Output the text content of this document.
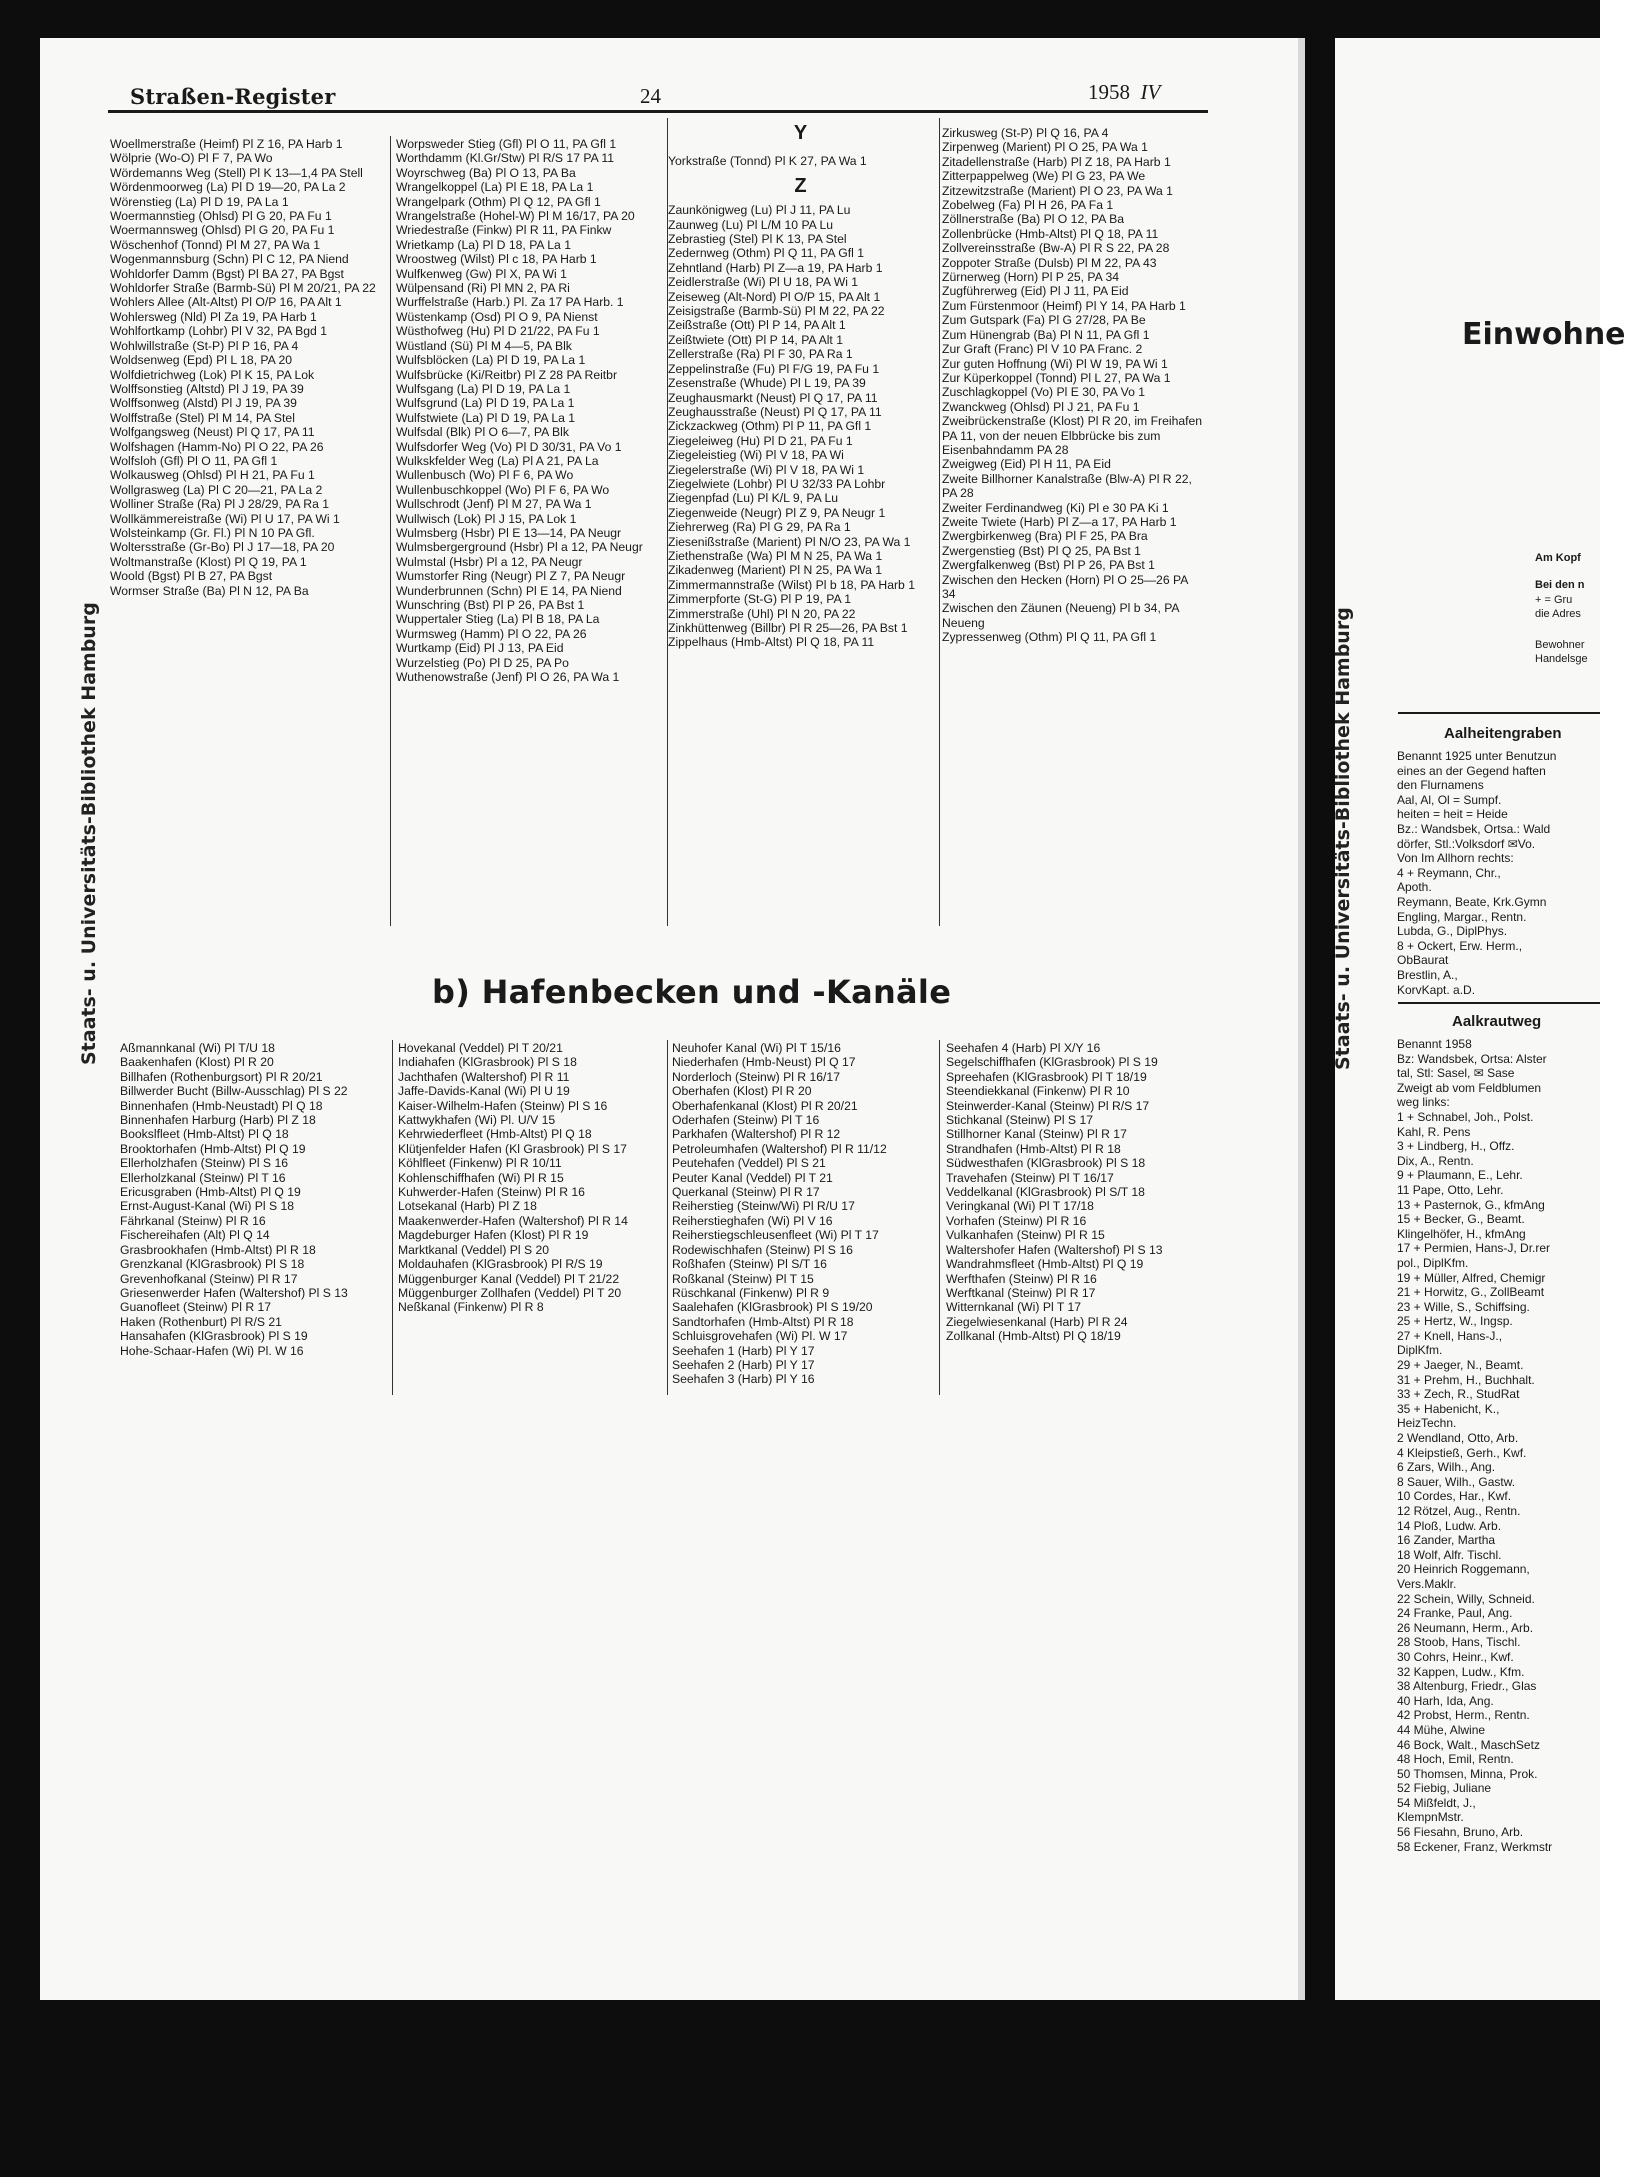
Straßen-Register	24	1958 IV
Woellmerstraße (Heimf) Pl Z 16, PA Harb 1
Wölprie (Wo-O) Pl F 7, PA Wo
Wördemanns Weg (Stell) Pl K 13—1,4 PA Stell
Wördenmoorweg (La) Pl D 19—20, PA La 2
Wörenstieg (La) Pl D 19, PA La 1
Woermannstieg (Ohlsd) Pl G 20, PA Fu 1
Woermannsweg (Ohlsd) Pl G 20, PA Fu 1
Wöschenhof (Tonnd) Pl M 27, PA Wa 1
Wogenmannsburg (Schn) Pl C 12, PA Niend
Wohldorfer Damm (Bgst) Pl BA 27, PA Bgst
Wohldorfer Straße (Barmb-Sü) Pl M 20/21, PA 22
Wohlers Allee (Alt-Altst) Pl O/P 16, PA Alt 1
Wohlersweg (Nld) Pl Za 19, PA Harb 1
Wohlfortkamp (Lohbr) Pl V 32, PA Bgd 1
Wohlwillstraße (St-P) Pl P 16, PA 4
Woldsenweg (Epd) Pl L 18, PA 20
Wolfdietrichweg (Lok) Pl K 15, PA Lok
Wolffsonstieg (Altstd) Pl J 19, PA 39
Wolffsonweg (Alstd) Pl J 19, PA 39
Wolffstraße (Stel) Pl M 14, PA Stel
Wolfgangsweg (Neust) Pl Q 17, PA 11
Wolfshagen (Hamm-No) Pl O 22, PA 26
Wolfsloh (Gfl) Pl O 11, PA Gfl 1
Wolkausweg (Ohlsd) Pl H 21, PA Fu 1
Wollgrasweg (La) Pl C 20—21, PA La 2
Wolliner Straße (Ra) Pl J 28/29, PA Ra 1
Wollkämmereistraße (Wi) Pl U 17, PA Wi 1
Wolsteinkamp (Gr. Fl.) Pl N 10 PA Gfl.
Woltersstraße (Gr-Bo) Pl J 17—18, PA 20
Woltmanstraße (Klost) Pl Q 19, PA 1
Woold (Bgst) Pl B 27, PA Bgst
Wormser Straße (Ba) Pl N 12, PA Ba
Worpsweder Stieg (Gfl) Pl O 11, PA Gfl 1
Worthdamm (Kl.Gr/Stw) Pl R/S 17 PA 11
Woyrschweg (Ba) Pl O 13, PA Ba
Wrangelkoppel (La) Pl E 18, PA La 1
Wrangelpark (Othm) Pl Q 12, PA Gfl 1
Wrangelstraße (Hohel-W) Pl M 16/17, PA 20
Wriedestraße (Finkw) Pl R 11, PA Finkw
Wrietkamp (La) Pl D 18, PA La 1
Wroostweg (Wilst) Pl c 18, PA Harb 1
Wulfkenweg (Gw) Pl X, PA Wi 1
Wülpensand (Ri) Pl MN 2, PA Ri
Wurffelstraße (Harb.) Pl. Za 17 PA Harb. 1
Wüstenkamp (Osd) Pl O 9, PA Nienst
Wüsthofweg (Hu) Pl D 21/22, PA Fu 1
Wüstland (Sü) Pl M 4—5, PA Blk
Wulfsblöcken (La) Pl D 19, PA La 1
Wulfsbrücke (Ki/Reitbr) Pl Z 28 PA Reitbr
Wulfsgang (La) Pl D 19, PA La 1
Wulfsgrund (La) Pl D 19, PA La 1
Wulfstwiete (La) Pl D 19, PA La 1
Wulfsdal (Blk) Pl O 6—7, PA Blk
Wulfsdorfer Weg (Vo) Pl D 30/31, PA Vo 1
Wulkskfelder Weg (La) Pl A 21, PA La
Wullenbusch (Wo) Pl F 6, PA Wo
Wullenbuschkoppel (Wo) Pl F 6, PA Wo
Wullschrodt (Jenf) Pl M 27, PA Wa 1
Wullwisch (Lok) Pl J 15, PA Lok 1
Wulmsberg (Hsbr) Pl E 13—14, PA Neugr
Wulmsbergerground (Hsbr) Pl a 12, PA Neugr
Wulmstal (Hsbr) Pl a 12, PA Neugr
Wumstorfer Ring (Neugr) Pl Z 7, PA Neugr
Wunderbrunnen (Schn) Pl E 14, PA Niend
Wunschring (Bst) Pl P 26, PA Bst 1
Wuppertaler Stieg (La) Pl B 18, PA La
Wurmsweg (Hamm) Pl O 22, PA 26
Wurtkamp (Eid) Pl J 13, PA Eid
Wurzelstieg (Po) Pl D 25, PA Po
Wuthenowstraße (Jenf) Pl O 26, PA Wa 1
Y
Yorkstraße (Tonnd) Pl K 27, PA Wa 1
Z
Zaunkönigweg (Lu) Pl J 11, PA Lu
Zaunweg (Lu) Pl L/M 10 PA Lu
Zebrastieg (Stel) Pl K 13, PA Stel
Zedernweg (Othm) Pl Q 11, PA Gfl 1
Zehntland (Harb) Pl Z—a 19, PA Harb 1
Zeidlerstraße (Wi) Pl U 18, PA Wi 1
Zeiseweg (Alt-Nord) Pl O/P 15, PA Alt 1
Zeisigstraße (Barmb-Sü) Pl M 22, PA 22
Zeißstraße (Ott) Pl P 14, PA Alt 1
Zeißtwiete (Ott) Pl P 14, PA Alt 1
Zellerstraße (Ra) Pl F 30, PA Ra 1
Zeppelinstraße (Fu) Pl F/G 19, PA Fu 1
Zesenstraße (Whude) Pl L 19, PA 39
Zeughausmarkt (Neust) Pl Q 17, PA 11
Zeughausstraße (Neust) Pl Q 17, PA 11
Zickzackweg (Othm) Pl P 11, PA Gfl 1
Ziegeleiweg (Hu) Pl D 21, PA Fu 1
Ziegeleistieg (Wi) Pl V 18, PA Wi
Ziegelerstraße (Wi) Pl V 18, PA Wi 1
Ziegelwiete (Lohbr) Pl U 32/33 PA Lohbr
Ziegenpfad (Lu) Pl K/L 9, PA Lu
Ziegenweide (Neugr) Pl Z 9, PA Neugr 1
Ziehrerweg (Ra) Pl G 29, PA Ra 1
Ziesenißstraße (Marient) Pl N/O 23, PA Wa 1
Ziethenstraße (Wa) Pl M N 25, PA Wa 1
Zikadenweg (Marient) Pl N 25, PA Wa 1
Zimmermannstraße (Wilst) Pl b 18, PA Harb 1
Zimmerpforte (St-G) Pl P 19, PA 1
Zimmerstraße (Uhl) Pl N 20, PA 22
Zinkhüttenweg (Billbr) Pl R 25—26, PA Bst 1
Zippelhaus (Hmb-Altst) Pl Q 18, PA 11
Zirkusweg (St-P) Pl Q 16, PA 4
Zirpenweg (Marient) Pl O 25, PA Wa 1
Zitadellenstraße (Harb) Pl Z 18, PA Harb 1
Zitterpappelweg (We) Pl G 23, PA We
Zitzewitzstraße (Marient) Pl O 23, PA Wa 1
Zobelweg (Fa) Pl H 26, PA Fa 1
Zöllnerstraße (Ba) Pl O 12, PA Ba
Zollenbrücke (Hmb-Altst) Pl Q 18, PA 11
Zollvereinsstraße (Bw-A) Pl R S 22, PA 28
Zoppoter Straße (Dulsb) Pl M 22, PA 43
Zürnerweg (Horn) Pl P 25, PA 34
Zugführerweg (Eid) Pl J 11, PA Eid
Zum Fürstenmoor (Heimf) Pl Y 14, PA Harb 1
Zum Gutspark (Fa) Pl G 27/28, PA Be
Zum Hünengrab (Ba) Pl N 11, PA Gfl 1
Zur Graft (Franc) Pl V 10 PA Franc. 2
Zur guten Hoffnung (Wi) Pl W 19, PA Wi 1
Zur Küperkoppel (Tonnd) Pl L 27, PA Wa 1
Zuschlagkoppel (Vo) Pl E 30, PA Vo 1
Zwanckweg (Ohlsd) Pl J 21, PA Fu 1
Zweibrückenstraße (Klost) Pl R 20, im Freihafen PA 11, von der neuen Elbbrücke bis zum Eisenbahndamm PA 28
Zweigweg (Eid) Pl H 11, PA Eid
Zweite Billhorner Kanalstraße (Blw-A) Pl R 22, PA 28
Zweiter Ferdinandweg (Ki) Pl e 30 PA Ki 1
Zweite Twiete (Harb) Pl Z—a 17, PA Harb 1
Zwergbirkenweg (Bra) Pl F 25, PA Bra
Zwergenstieg (Bst) Pl Q 25, PA Bst 1
Zwergfalkenweg (Bst) Pl P 26, PA Bst 1
Zwischen den Hecken (Horn) Pl O 25—26 PA 34
Zwischen den Zäunen (Neueng) Pl b 34, PA Neueng
Zypressenweg (Othm) Pl Q 11, PA Gfl 1
b) Hafenbecken und -Kanäle
Aßmannkanal (Wi) Pl T/U 18
Baakenhafen (Klost) Pl R 20
Billhafen (Rothenburgsort) Pl R 20/21
Billwerder Bucht (Billw-Ausschlag) Pl S 22
Binnenhafen (Hmb-Neustadt) Pl Q 18
Binnenhafen Harburg (Harb) Pl Z 18
Bookslfleet (Hmb-Altst) Pl Q 18
Brooktorhafen (Hmb-Altst) Pl Q 19
Ellerholzhafen (Steinw) Pl S 16
Ellerholzkanal (Steinw) Pl T 16
Ericusgraben (Hmb-Altst) Pl Q 19
Ernst-August-Kanal (Wi) Pl S 18
Fährkanal (Steinw) Pl R 16
Fischereihafen (Alt) Pl Q 14
Grasbrookhafen (Hmb-Altst) Pl R 18
Grenzkanal (KlGrasbrook) Pl S 18
Grevenhofkanal (Steinw) Pl R 17
Griesenwerder Hafen (Waltershof) Pl S 13
Guanofleet (Steinw) Pl R 17
Haken (Rothenburt) Pl R/S 21
Hansahafen (KlGrasbrook) Pl S 19
Hohe-Schaar-Hafen (Wi) Pl. W 16
Hovekanal (Veddel) Pl T 20/21
Indiahafen (KlGrasbrook) Pl S 18
Jachthafen (Waltershof) Pl R 11
Jaffe-Davids-Kanal (Wi) Pl U 19
Kaiser-Wilhelm-Hafen (Steinw) Pl S 16
Kattwykhafen (Wi) Pl. U/V 15
Kehrwiederfleet (Hmb-Altst) Pl Q 18
Klütjenfelder Hafen (Kl Grasbrook) Pl S 17
Köhlfleet (Finkenw) Pl R 10/11
Kohlenschiffhafen (Wi) Pl R 15
Kuhwerder-Hafen (Steinw) Pl R 16
Lotsekanal (Harb) Pl Z 18
Maakenwerder-Hafen (Waltershof) Pl R 14
Magdeburger Hafen (Klost) Pl R 19
Marktkanal (Veddel) Pl S 20
Moldauhafen (KlGrasbrook) Pl R/S 19
Müggenburger Kanal (Veddel) Pl T 21/22
Müggenburger Zollhafen (Veddel) Pl T 20
Neßkanal (Finkenw) Pl R 8
Neuhofer Kanal (Wi) Pl T 15/16
Niederhafen (Hmb-Neust) Pl Q 17
Norderloch (Steinw) Pl R 16/17
Oberhafen (Klost) Pl R 20
Oberhafenkanal (Klost) Pl R 20/21
Oderhafen (Steinw) Pl T 16
Parkhafen (Waltershof) Pl R 12
Petroleumhafen (Waltershof) Pl R 11/12
Peutehafen (Veddel) Pl S 21
Peuter Kanal (Veddel) Pl T 21
Querkanal (Steinw) Pl R 17
Reiherstieg (Steinw/Wi) Pl R/U 17
Reiherstieghafen (Wi) Pl V 16
Reiherstiegschleusenfleet (Wi) Pl T 17
Rodewischhafen (Steinw) Pl S 16
Roßhafen (Steinw) Pl S/T 16
Roßkanal (Steinw) Pl T 15
Rüschkanal (Finkenw) Pl R 9
Saalehafen (KlGrasbrook) Pl S 19/20
Sandtorhafen (Hmb-Altst) Pl R 18
Schluisgrovehafen (Wi) Pl. W 17
Seehafen 1 (Harb) Pl Y 17
Seehafen 2 (Harb) Pl Y 17
Seehafen 3 (Harb) Pl Y 16
Seehafen 4 (Harb) Pl X/Y 16
Segelschiffhafen (KlGrasbrook) Pl S 19
Spreehafen (KlGrasbrook) Pl T 18/19
Steendiekkanal (Finkenw) Pl R 10
Steinwerder-Kanal (Steinw) Pl R/S 17
Stichkanal (Steinw) Pl S 17
Stillhorner Kanal (Steinw) Pl R 17
Strandhafen (Hmb-Altst) Pl R 18
Südwesthafen (KlGrasbrook) Pl S 18
Travehafen (Steinw) Pl T 16/17
Veddelkanal (KlGrasbrook) Pl S/T 18
Veringkanal (Wi) Pl T 17/18
Vorhafen (Steinw) Pl R 16
Vulkanhafen (Steinw) Pl R 15
Waltershofer Hafen (Waltershof) Pl S 13
Wandrahmsfleet (Hmb-Altst) Pl Q 19
Werfthafen (Steinw) Pl R 16
Werftkanal (Steinw) Pl R 17
Witternkanal (Wi) Pl T 17
Ziegelwiesenkanal (Harb) Pl R 24
Zollkanal (Hmb-Altst) Pl Q 18/19
Staats- u. Universitäts-Bibliothek Hamburg	Staats- u. Universitäts-Bibliothek Hamburg
Einwohne
Am Kopf
Bei den n
+ = Gru
die Adres
Bewohner
Handelsge
Aalheitengraben
Benannt 1925 unter Benutzun
eines an der Gegend haften
den Flurnamens
Aal, Al, Ol = Sumpf.
heiten = heit = Heide
Bz.: Wandsbek, Ortsa.: Wald
dörfer, Stl.:Volksdorf ✉Vo.
Von Im Allhorn rechts:
4 + Reymann, Chr.,
Apoth.
Reymann, Beate, Krk.Gymn
Engling, Margar., Rentn.
Lubda, G., DiplPhys.
8 + Ockert, Erw. Herm.,
ObBaurat
Brestlin, A.,
KorvKapt. a.D.
Aalkrautweg
Benannt 1958
Bz: Wandsbek, Ortsa: Alster
tal, Stl: Sasel, ✉ Sase
Zweigt ab vom Feldblumen
weg links:
1 + Schnabel, Joh., Polst.
Kahl, R. Pens
3 + Lindberg, H., Offz.
Dix, A., Rentn.
9 + Plaumann, E., Lehr.
11 Pape, Otto, Lehr.
13 + Pasternok, G., kfmAng
15 + Becker, G., Beamt.
Klingelhöfer, H., kfmAng
17 + Permien, Hans-J, Dr.rer
pol., DiplKfm.
19 + Müller, Alfred, Chemigr
21 + Horwitz, G., ZollBeamt
23 + Wille, S., Schiffsing.
25 + Hertz, W., Ingsp.
27 + Knell, Hans-J.,
DiplKfm.
29 + Jaeger, N., Beamt.
31 + Prehm, H., Buchhalt.
33 + Zech, R., StudRat
35 + Habenicht, K.,
HeizTechn.
2 Wendland, Otto, Arb.
4 Kleipstieß, Gerh., Kwf.
6 Zars, Wilh., Ang.
8 Sauer, Wilh., Gastw.
10 Cordes, Har., Kwf.
12 Rötzel, Aug., Rentn.
14 Ploß, Ludw. Arb.
16 Zander, Martha
18 Wolf, Alfr. Tischl.
20 Heinrich Roggemann,
Vers.Maklr.
22 Schein, Willy, Schneid.
24 Franke, Paul, Ang.
26 Neumann, Herm., Arb.
28 Stoob, Hans, Tischl.
30 Cohrs, Heinr., Kwf.
32 Kappen, Ludw., Kfm.
38 Altenburg, Friedr., Glas
40 Harh, Ida, Ang.
42 Probst, Herm., Rentn.
44 Mühe, Alwine
46 Bock, Walt., MaschSetz
48 Hoch, Emil, Rentn.
50 Thomsen, Minna, Prok.
52 Fiebig, Juliane
54 Mißfeldt, J.,
KlempnMstr.
56 Fiesahn, Bruno, Arb.
58 Eckener, Franz, Werkmstr
